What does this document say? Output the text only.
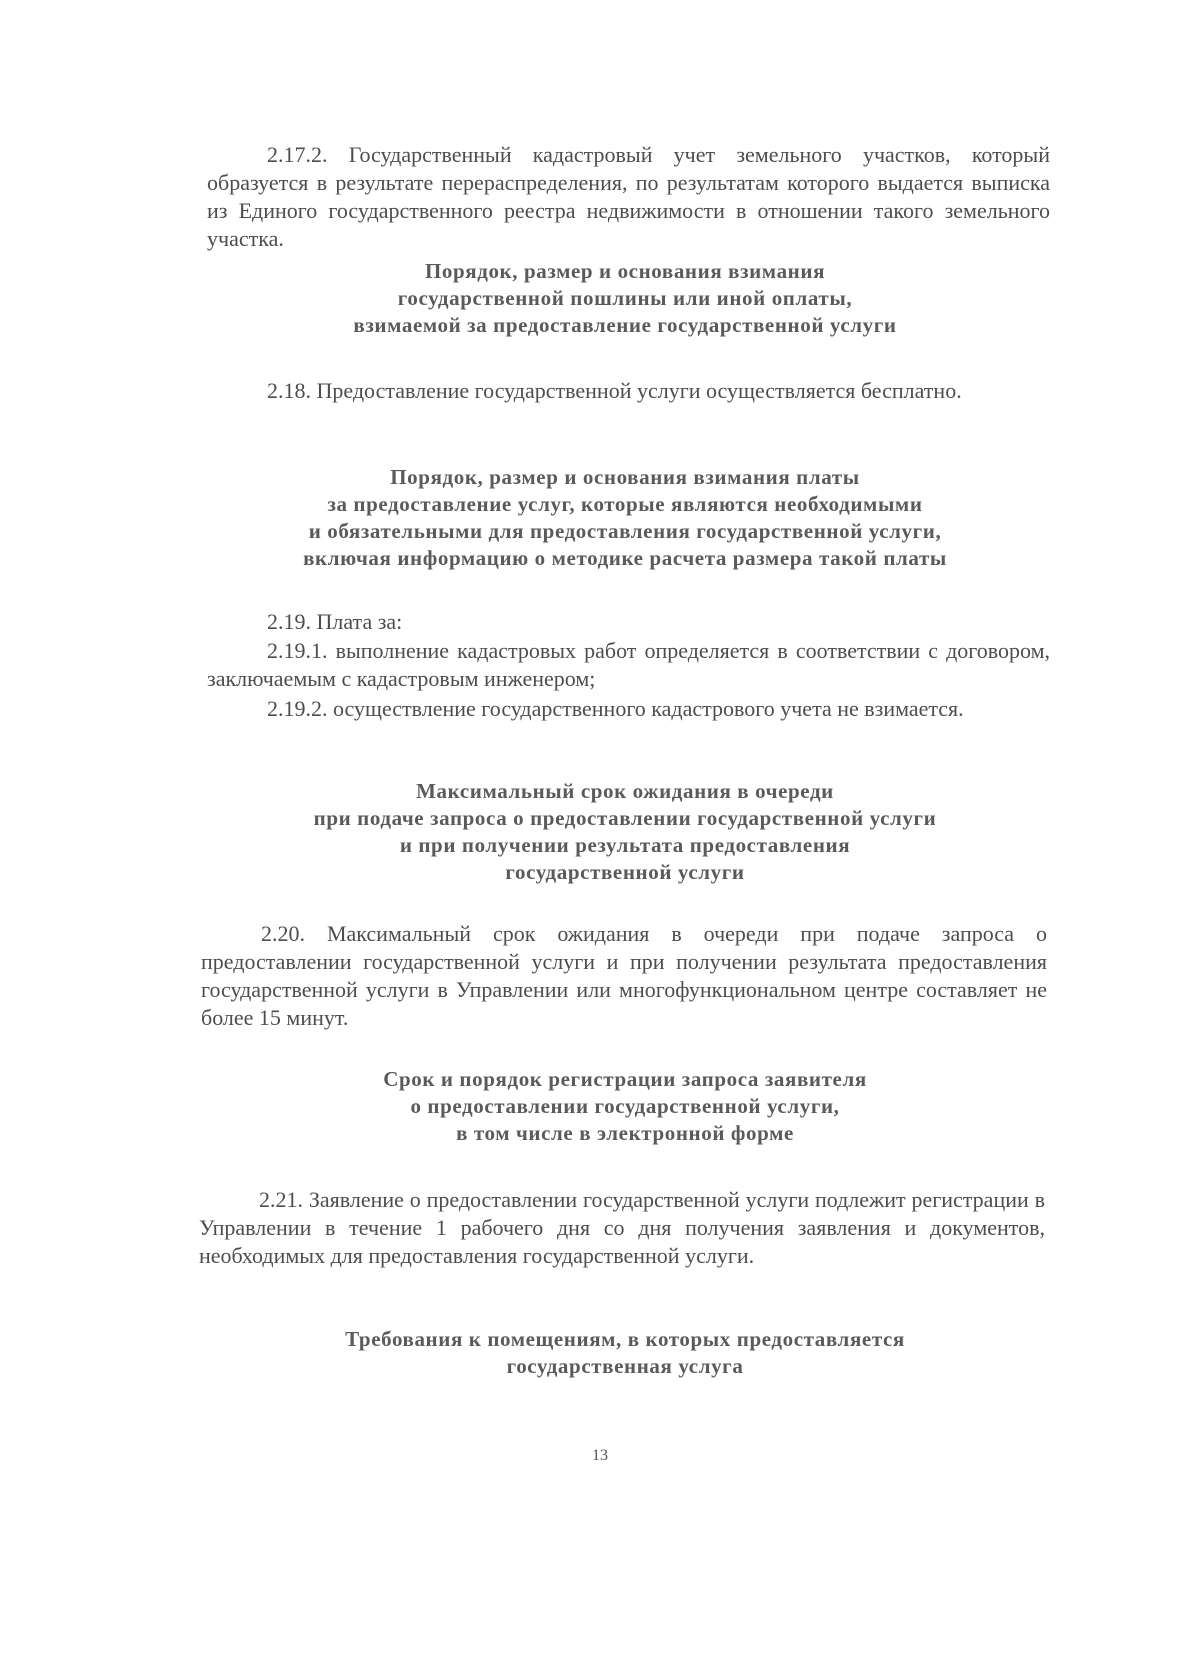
2.17.2. Государственный кадастровый учет земельного участков, который образуется в результате перераспределения, по результатам которого выдается выписка из Единого государственного реестра недвижимости в отношении такого земельного участка.

Порядок, размер и основания взимания
государственной пошлины или иной оплаты,
взимаемой за предоставление государственной услуги

2.18. Предоставление государственной услуги осуществляется бесплатно.

Порядок, размер и основания взимания платы
за предоставление услуг, которые являются необходимыми
и обязательными для предоставления государственной услуги,
включая информацию о методике расчета размера такой платы

2.19. Плата за:

2.19.1. выполнение кадастровых работ определяется в соответствии с договором, заключаемым с кадастровым инженером;

2.19.2. осуществление государственного кадастрового учета не взимается.

Максимальный срок ожидания в очереди
при подаче запроса о предоставлении государственной услуги
и при получении результата предоставления
государственной услуги

2.20. Максимальный срок ожидания в очереди при подаче запроса о предоставлении государственной услуги и при получении результата предоставления государственной услуги в Управлении или многофункциональном центре составляет не более 15 минут.

Срок и порядок регистрации запроса заявителя
о предоставлении государственной услуги,
в том числе в электронной форме

2.21. Заявление о предоставлении государственной услуги подлежит регистрации в Управлении в течение 1 рабочего дня со дня получения заявления и документов, необходимых для предоставления государственной услуги.

Требования к помещениям, в которых предоставляется
государственная услуга
13
